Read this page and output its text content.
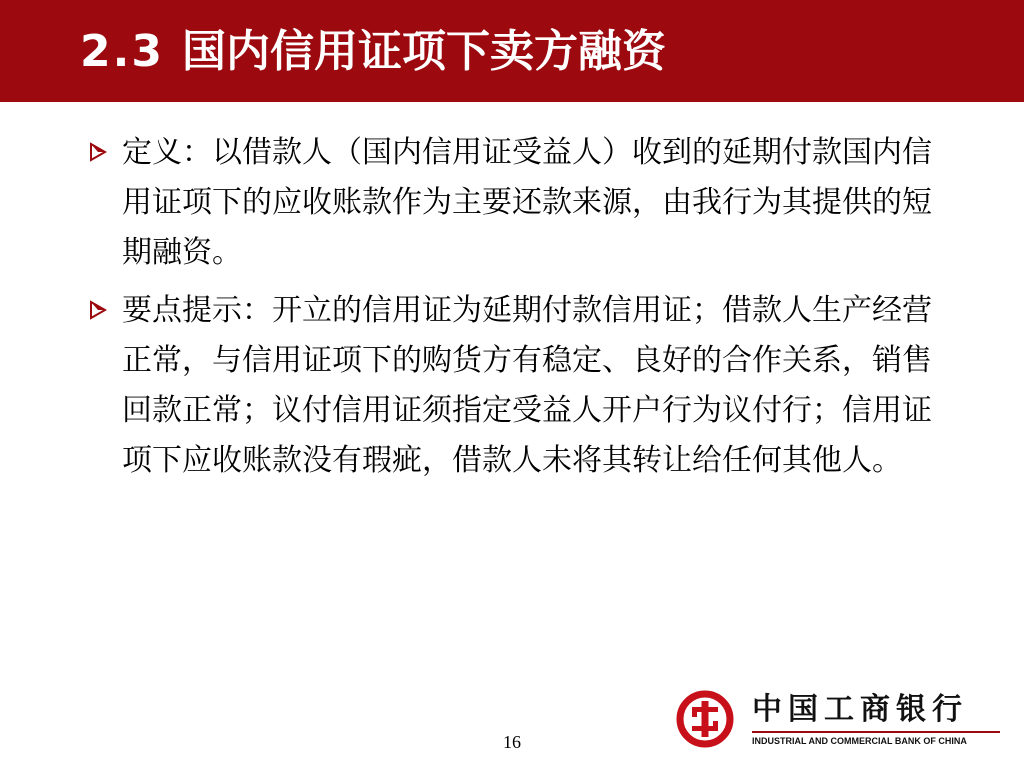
2.3 国内信用证项下卖方融资
定义：以借款人（国内信用证受益人）收到的延期付款国内信用证项下的应收账款作为主要还款来源，由我行为其提供的短期融资。
要点提示：开立的信用证为延期付款信用证；借款人生产经营正常，与信用证项下的购货方有稳定、良好的合作关系，销售回款正常；议付信用证须指定受益人开户行为议付行；信用证项下应收账款没有瑕疵，借款人未将其转让给任何其他人。
16
中国工商银行
INDUSTRIAL AND COMMERCIAL BANK OF CHINA
